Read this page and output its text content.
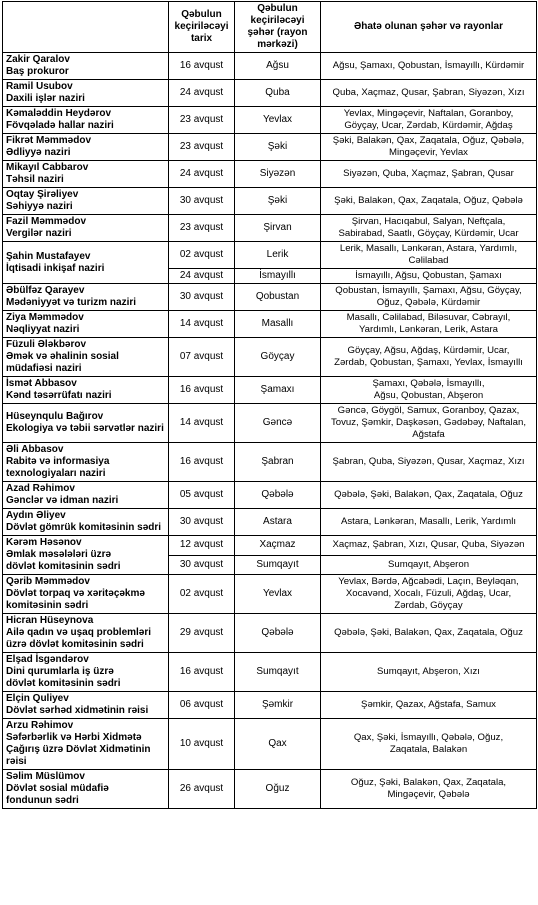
	Qəbulun keçiriləcəyi tarix	Qəbulun keçiriləcəyi şəhər (rayon mərkəzi)	Əhatə olunan şəhər və rayonlar

Zakir Qaralov
Baş prokuror	16 avqust	Ağsu	Ağsu, Şamaxı, Qobustan, İsmayıllı, Kürdəmir

Ramil Usubov
Daxili işlər naziri	24 avqust	Quba	Quba, Xaçmaz, Qusar, Şabran, Siyəzən, Xızı

Kəmaləddin Heydərov
Fövqəladə hallar naziri	23 avqust	Yevlax	Yevlax, Mingəçevir, Naftalan, Goranboy,
Göyçay, Ucar, Zərdab, Kürdəmir, Ağdaş

Fikrət Məmmədov
Ədliyyə naziri	23 avqust	Şəki	Şəki, Balakən, Qax, Zaqatala, Oğuz, Qəbələ,
Mingəçevir, Yevlax

Mikayıl Cabbarov
Təhsil naziri	24 avqust	Siyəzən	Siyəzən, Quba, Xaçmaz, Şabran, Qusar

Oqtay Şirəliyev
Səhiyyə naziri	30 avqust	Şəki	Şəki, Balakən, Qax, Zaqatala, Oğuz, Qəbələ

Fazil Məmmədov
Vergilər naziri	23 avqust	Şirvan	Şirvan, Hacıqabul, Salyan, Neftçala,
Sabirabad, Saatlı, Göyçay, Kürdəmir, Ucar

Şahin Mustafayev
İqtisadi inkişaf naziri	02 avqust	Lerik	Lerik, Masallı, Lənkəran, Astara, Yardımlı,
Cəlilabad

	24 avqust	İsmayıllı	İsmayıllı, Ağsu, Qobustan, Şamaxı

Əbülfəz Qarayev
Mədəniyyət və turizm naziri	30 avqust	Qobustan	Qobustan, İsmayıllı, Şamaxı, Ağsu, Göyçay,
Oğuz, Qəbələ, Kürdəmir

Ziya Məmmədov
Nəqliyyat naziri	14 avqust	Masallı	Masallı, Cəlilabad, Biləsuvar, Cəbrayıl,
Yardımlı, Lənkəran, Lerik, Astara

Füzuli Ələkbərov
Əmək və əhalinin sosial
müdafiəsi naziri	07 avqust	Göyçay	Göyçay, Ağsu, Ağdaş, Kürdəmir, Ucar,
Zərdab, Qobustan, Şamaxı, Yevlax, İsmayıllı

İsmət Abbasov
Kənd təsərrüfatı naziri	16 avqust	Şamaxı	Şamaxı, Qəbələ, İsmayıllı,
Ağsu, Qobustan, Abşeron

Hüseynqulu Bağırov
Ekologiya və təbii sərvətlər naziri	14 avqust	Gəncə	Gəncə, Göygöl, Samux, Goranboy, Qazax,
Tovuz, Şəmkir, Daşkəsən, Gədəbəy, Naftalan,
Ağstafa

Əli Abbasov
Rabitə və informasiya
texnologiyaları naziri	16 avqust	Şabran	Şabran, Quba, Siyəzən, Qusar, Xaçmaz, Xızı

Azad Rəhimov
Gənclər və idman naziri	05 avqust	Qəbələ	Qəbələ, Şəki, Balakən, Qax, Zaqatala, Oğuz

Aydın Əliyev
Dövlət gömrük komitəsinin sədri	30 avqust	Astara	Astara, Lənkəran, Masallı, Lerik, Yardımlı

Kərəm Həsənov
Əmlak məsələləri üzrə
dövlət komitəsinin sədri	12 avqust	Xaçmaz	Xaçmaz, Şabran, Xızı, Qusar, Quba, Siyəzən

	30 avqust	Sumqayıt	Sumqayıt, Abşeron

Qərib Məmmədov
Dövlət torpaq və xəritəçəkmə
komitəsinin sədri	02 avqust	Yevlax	Yevlax, Bərdə, Ağcabədi, Laçın, Beyləqan,
Xocavənd, Xocalı, Füzuli, Ağdaş, Ucar,
Zərdab, Göyçay

Hicran Hüseynova
Ailə qadın və uşaq problemləri
üzrə dövlət komitəsinin sədri	29 avqust	Qəbələ	Qəbələ, Şəki, Balakən, Qax, Zaqatala, Oğuz

Elşad İsgəndərov
Dini qurumlarla iş üzrə
dövlət komitəsinin sədri	16 avqust	Sumqayıt	Sumqayıt, Abşeron, Xızı

Elçin Quliyev
Dövlət sərhəd xidmətinin rəisi	06 avqust	Şəmkir	Şəmkir, Qazax, Ağstafa, Samux

Arzu Rəhimov
Səfərbərlik və Hərbi Xidmətə
Çağırış üzrə Dövlət Xidmətinin
rəisi	10 avqust	Qax	Qax, Şəki, İsmayıllı, Qəbələ, Oğuz,
Zaqatala, Balakən

Səlim Müslümov
Dövlət sosial müdafiə
fondunun sədri	26 avqust	Oğuz	Oğuz, Şəki, Balakən, Qax, Zaqatala,
Mingəçevir, Qəbələ
